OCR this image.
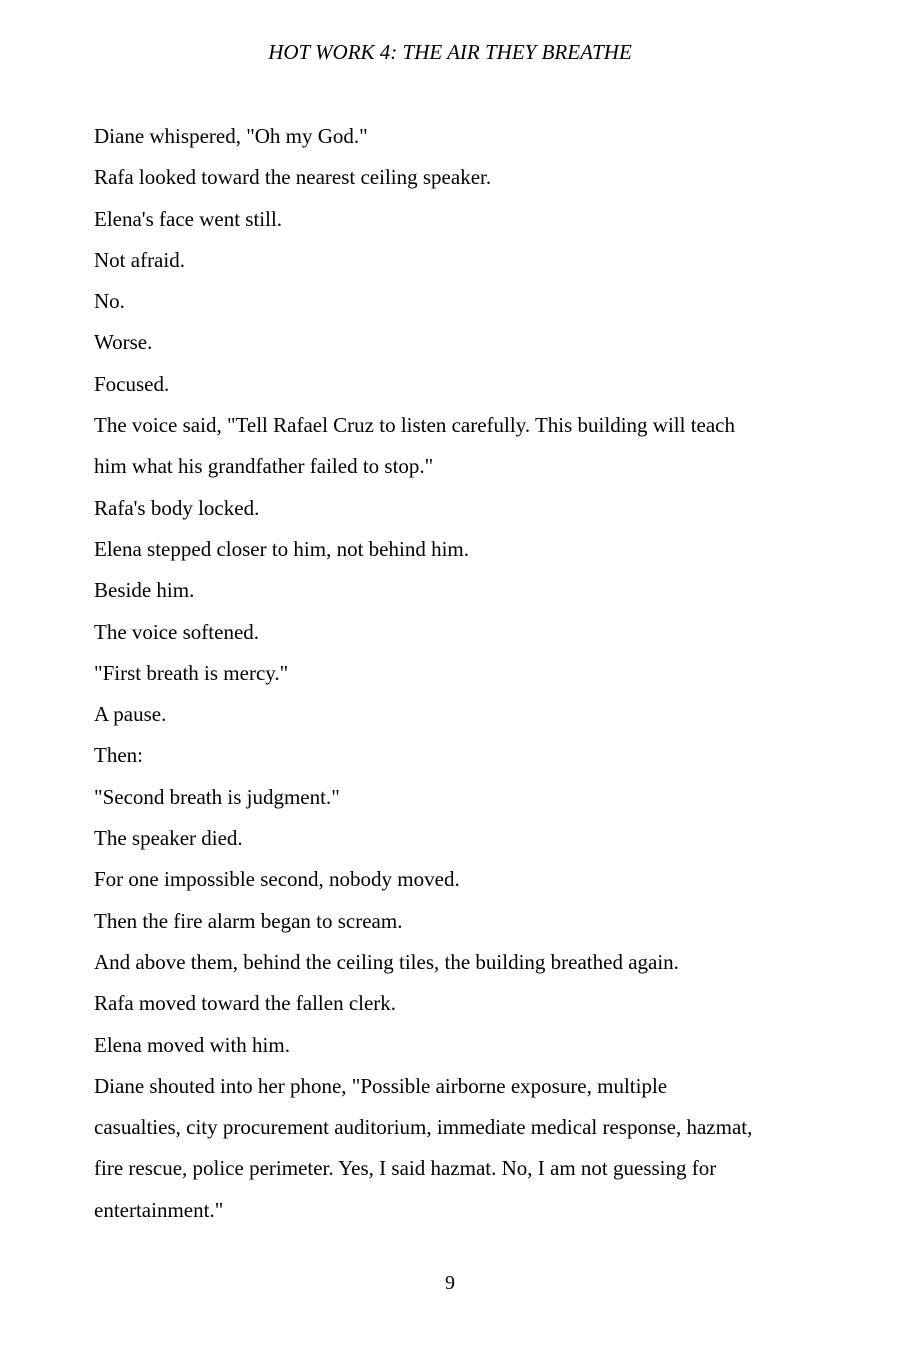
HOT WORK 4: THE AIR THEY BREATHE

Diane whispered, "Oh my God."

Rafa looked toward the nearest ceiling speaker.

Elena's face went still.

Not afraid.

No.

Worse.

Focused.

The voice said, "Tell Rafael Cruz to listen carefully. This building will teach him what his grandfather failed to stop."

Rafa's body locked.

Elena stepped closer to him, not behind him.

Beside him.

The voice softened.

"First breath is mercy."

A pause.

Then:

"Second breath is judgment."

The speaker died.

For one impossible second, nobody moved.

Then the fire alarm began to scream.

And above them, behind the ceiling tiles, the building breathed again.

Rafa moved toward the fallen clerk.

Elena moved with him.

Diane shouted into her phone, "Possible airborne exposure, multiple casualties, city procurement auditorium, immediate medical response, hazmat, fire rescue, police perimeter. Yes, I said hazmat. No, I am not guessing for entertainment."

9
